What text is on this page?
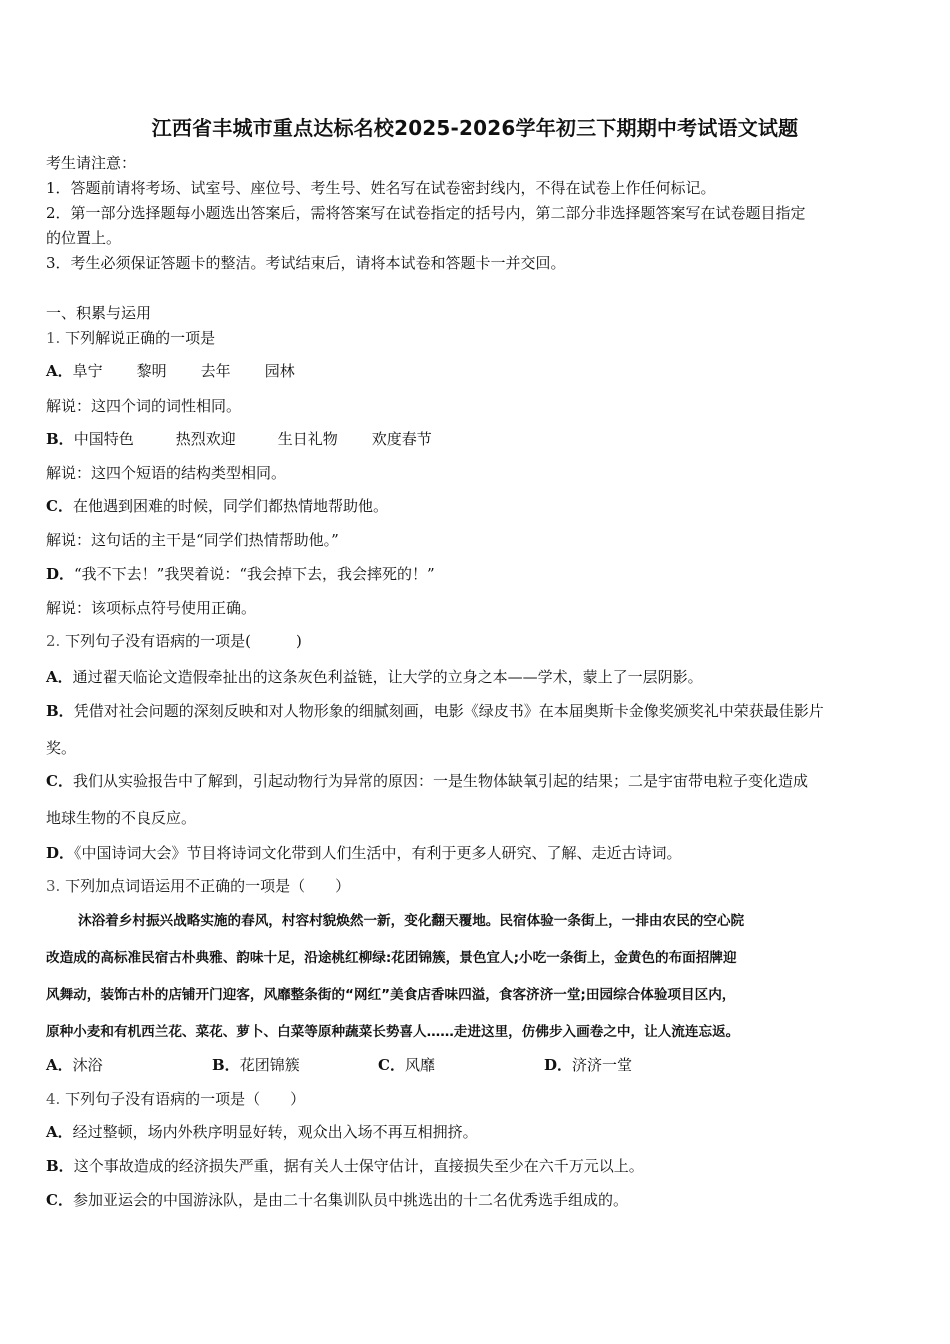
江西省丰城市重点达标名校2025-2026学年初三下期期中考试语文试题
考生请注意：
1．答题前请将考场、试室号、座位号、考生号、姓名写在试卷密封线内，不得在试卷上作任何标记。
2．第一部分选择题每小题选出答案后，需将答案写在试卷指定的括号内，第二部分非选择题答案写在试卷题目指定
的位置上。
3．考生必须保证答题卡的整洁。考试结束后，请将本试卷和答题卡一并交回。
一、积累与运用
1. 下列解说正确的一项是
A．阜宁 黎明 去年 园林
解说：这四个词的词性相同。
B．中国特色	热烈欢迎	生日礼物 欢度春节
解说：这四个短语的结构类型相同。
C．在他遇到困难的时候，同学们都热情地帮助他。
解说：这句话的主干是“同学们热情帮助他。”
D．“我不下去！”我哭着说：“我会掉下去，我会摔死的！”
解说：该项标点符号使用正确。
2. 下列句子没有语病的一项是(　　　)
A．通过翟天临论文造假牵扯出的这条灰色利益链，让大学的立身之本——学术，蒙上了一层阴影。
B．凭借对社会问题的深刻反映和对人物形象的细腻刻画，电影《绿皮书》在本届奥斯卡金像奖颁奖礼中荣获最佳影片
奖。
C．我们从实验报告中了解到，引起动物行为异常的原因：一是生物体缺氧引起的结果；二是宇宙带电粒子变化造成
地球生物的不良反应。
D．《中国诗词大会》节目将诗词文化带到人们生活中，有利于更多人研究、了解、走近古诗词。
3. 下列加点词语运用不正确的一项是（　　）
沐浴着乡村振兴战略实施的春风，村容村貌焕然一新，变化翻天覆地。民宿体验一条街上，一排由农民的空心院
改造成的高标准民宿古朴典雅、韵味十足，沿途桃红柳绿:花团锦簇，景色宜人;小吃一条街上，金黄色的布面招牌迎
风舞动，装饰古朴的店铺开门迎客，风靡整条街的“网红”美食店香味四溢，食客济济一堂;田园综合体验项目区内，
原种小麦和有机西兰花、菜花、萝卜、白菜等原种蔬菜长势喜人……走进这里，仿佛步入画卷之中，让人流连忘返。
A．沐浴	B．花团锦簇	C．风靡	D．济济一堂
4. 下列句子没有语病的一项是（　　）
A．经过整顿，场内外秩序明显好转，观众出入场不再互相拥挤。
B．这个事故造成的经济损失严重，据有关人士保守估计，直接损失至少在六千万元以上。
C．参加亚运会的中国游泳队，是由二十名集训队员中挑选出的十二名优秀选手组成的。
